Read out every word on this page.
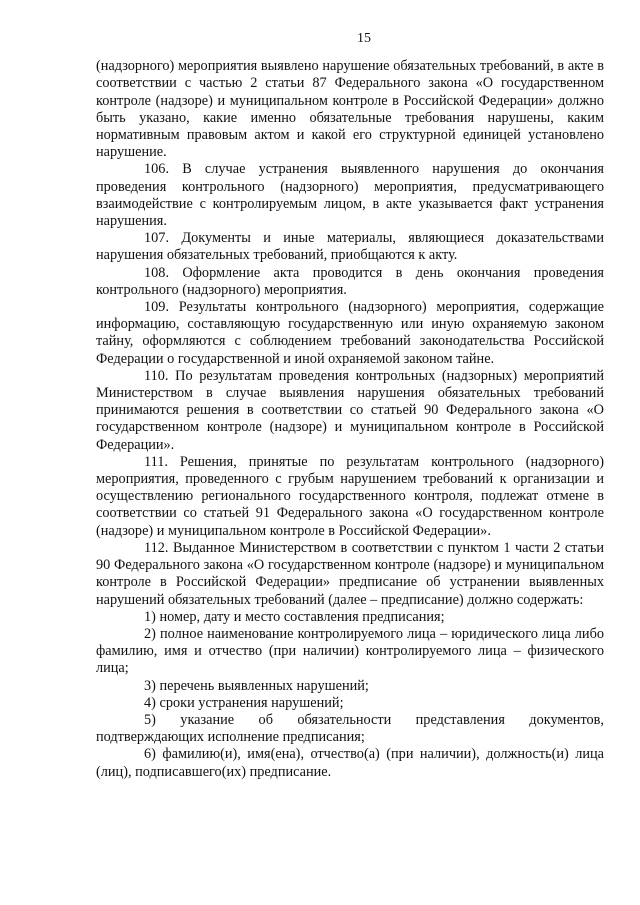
15

(надзорного) мероприятия выявлено нарушение обязательных требований, в акте в соответствии с частью 2 статьи 87 Федерального закона «О государственном контроле (надзоре) и муниципальном контроле в Российской Федерации» должно быть указано, какие именно обязательные требования нарушены, каким нормативным правовым актом и какой его структурной единицей установлено нарушение.

106. В случае устранения выявленного нарушения до окончания проведения контрольного (надзорного) мероприятия, предусматривающего взаимодействие с контролируемым лицом, в акте указывается факт устранения нарушения.

107. Документы и иные материалы, являющиеся доказательствами нарушения обязательных требований, приобщаются к акту.

108. Оформление акта проводится в день окончания проведения контрольного (надзорного) мероприятия.

109. Результаты контрольного (надзорного) мероприятия, содержащие информацию, составляющую государственную или иную охраняемую законом тайну, оформляются с соблюдением требований законодательства Российской Федерации о государственной и иной охраняемой законом тайне.

110. По результатам проведения контрольных (надзорных) мероприятий Министерством в случае выявления нарушения обязательных требований принимаются решения в соответствии со статьей 90 Федерального закона «О государственном контроле (надзоре) и муниципальном контроле в Российской Федерации».

111. Решения, принятые по результатам контрольного (надзорного) мероприятия, проведенного с грубым нарушением требований к организации и осуществлению регионального государственного контроля, подлежат отмене в соответствии со статьей 91 Федерального закона «О государственном контроле (надзоре) и муниципальном контроле в Российской Федерации».

112. Выданное Министерством в соответствии с пунктом 1 части 2 статьи 90 Федерального закона «О государственном контроле (надзоре) и муниципальном контроле в Российской Федерации» предписание об устранении выявленных нарушений обязательных требований (далее – предписание) должно содержать:

1) номер, дату и место составления предписания;

2) полное наименование контролируемого лица – юридического лица либо фамилию, имя и отчество (при наличии) контролируемого лица – физического лица;

3) перечень выявленных нарушений;

4) сроки устранения нарушений;

5) указание об обязательности представления документов, подтверждающих исполнение предписания;

6) фамилию(и), имя(ена), отчество(а) (при наличии), должность(и) лица (лиц), подписавшего(их) предписание.
